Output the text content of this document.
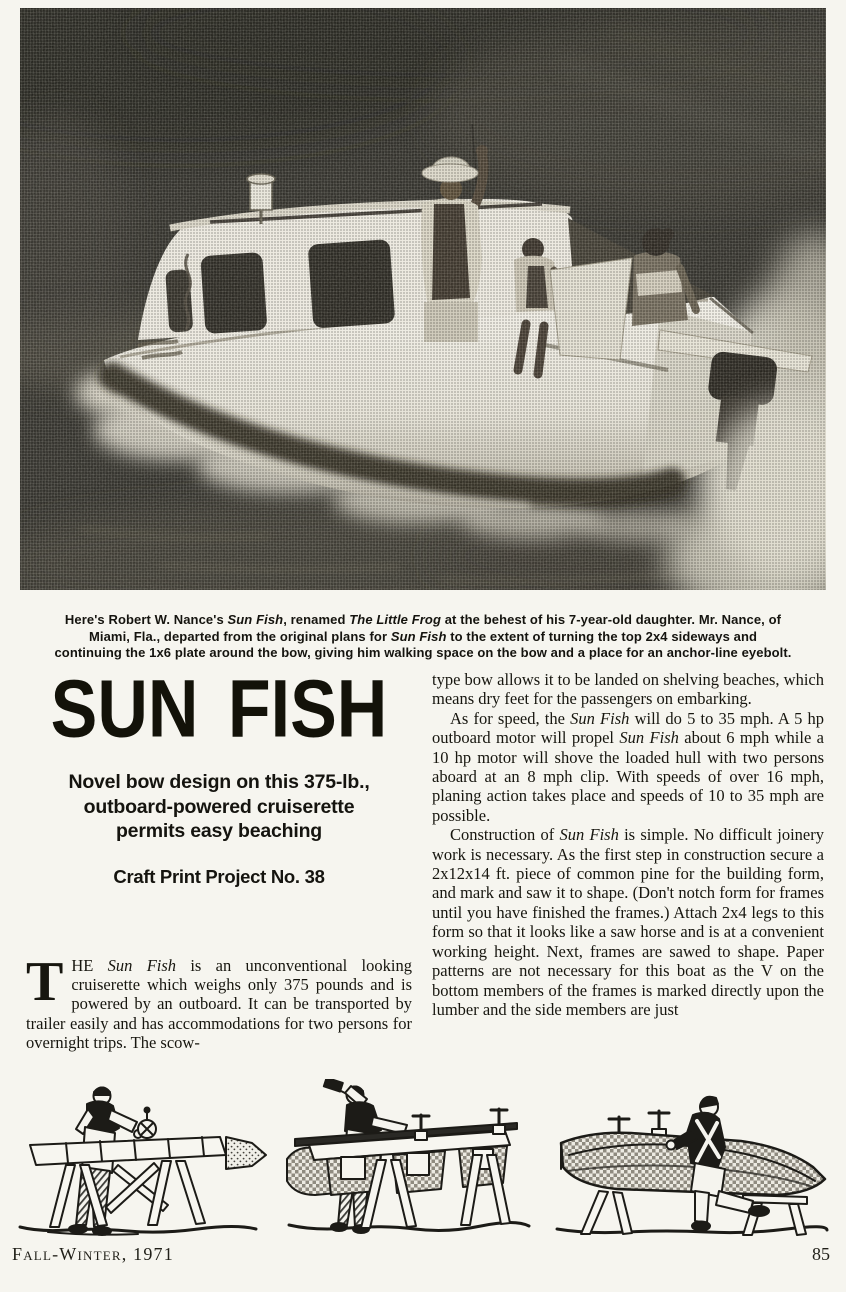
Here's Robert W. Nance's Sun Fish, renamed The Little Frog at the behest of his 7-year-old daughter. Mr. Nance, of Miami, Fla., departed from the original plans for Sun Fish to the extent of turning the top 2x4 sideways and continuing the 1x6 plate around the bow, giving him walking space on the bow and a place for an anchor-line eyebolt.

SUN FISH
Novel bow design on this 375-lb.,
outboard-powered cruiserette
permits easy beaching
Craft Print Project No. 38

THE Sun Fish is an unconventional looking cruiserette which weighs only 375 pounds and is powered by an outboard. It can be transported by trailer easily and has accommodations for two persons for overnight trips. The scow-

type bow allows it to be landed on shelving beaches, which means dry feet for the passengers on embarking.

As for speed, the Sun Fish will do 5 to 35 mph. A 5 hp outboard motor will propel Sun Fish about 6 mph while a 10 hp motor will shove the loaded hull with two persons aboard at an 8 mph clip. With speeds of over 16 mph, planing action takes place and speeds of 10 to 35 mph are possible.

Construction of Sun Fish is simple. No difficult joinery work is necessary. As the first step in construction secure a 2x12x14 ft. piece of common pine for the building form, and mark and saw it to shape. (Don't notch form for frames until you have finished the frames.) Attach 2x4 legs to this form so that it looks like a saw horse and is at a convenient working height. Next, frames are sawed to shape. Paper patterns are not necessary for this boat as the V on the bottom members of the frames is marked directly upon the lumber and the side members are just

Fall-Winter, 1971	85
